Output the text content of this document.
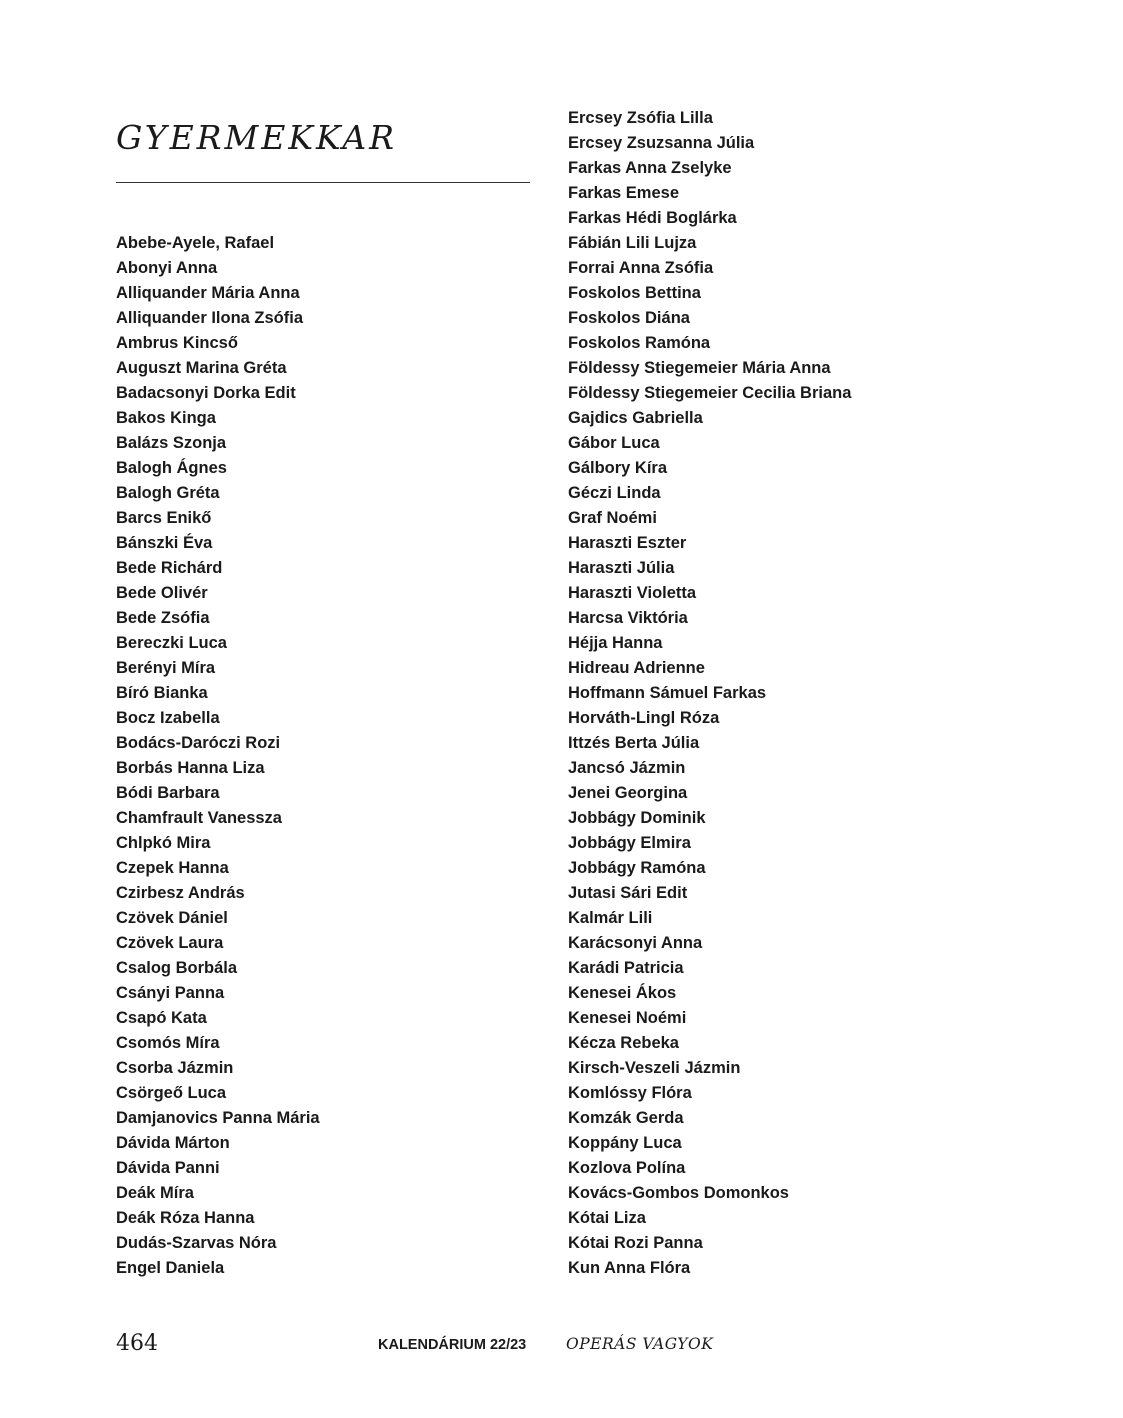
GYERMEKKAR
Abebe-Ayele, Rafael
Abonyi Anna
Alliquander Mária Anna
Alliquander Ilona Zsófia
Ambrus Kincső
Auguszt Marina Gréta
Badacsonyi Dorka Edit
Bakos Kinga
Balázs Szonja
Balogh Ágnes
Balogh Gréta
Barcs Enikő
Bánszki Éva
Bede Richárd
Bede Olivér
Bede Zsófia
Bereczki Luca
Berényi Míra
Bíró Bianka
Bocz Izabella
Bodács-Daróczi Rozi
Borbás Hanna Liza
Bódi Barbara
Chamfrault Vanessza
Chlpkó Mira
Czepek Hanna
Czirbesz András
Czövek Dániel
Czövek Laura
Csalog Borbála
Csányi Panna
Csapó Kata
Csomós Míra
Csorba Jázmin
Csörgeő Luca
Damjanovics Panna Mária
Dávida Márton
Dávida Panni
Deák Míra
Deák Róza Hanna
Dudás-Szarvas Nóra
Engel Daniela
Ercsey Zsófia Lilla
Ercsey Zsuzsanna Júlia
Farkas Anna Zselyke
Farkas Emese
Farkas Hédi Boglárka
Fábián Lili Lujza
Forrai Anna Zsófia
Foskolos Bettina
Foskolos Diána
Foskolos Ramóna
Földessy Stiegemeier Mária Anna
Földessy Stiegemeier Cecilia Briana
Gajdics Gabriella
Gábor Luca
Gálbory Kíra
Géczi Linda
Graf Noémi
Haraszti Eszter
Haraszti Júlia
Haraszti Violetta
Harcsa Viktória
Héjja Hanna
Hidreau Adrienne
Hoffmann Sámuel Farkas
Horváth-Lingl Róza
Ittzés Berta Júlia
Jancsó Jázmin
Jenei Georgina
Jobbágy Dominik
Jobbágy Elmira
Jobbágy Ramóna
Jutasi Sári Edit
Kalmár Lili
Karácsonyi Anna
Karádi Patricia
Kenesei Ákos
Kenesei Noémi
Kécza Rebeka
Kirsch-Veszeli Jázmin
Komlóssy Flóra
Komzák Gerda
Koppány Luca
Kozlova Polína
Kovács-Gombos Domonkos
Kótai Liza
Kótai Rozi Panna
Kun Anna Flóra
464	KALENDÁRIUM 22/23	OPERÁS VAGYOK
